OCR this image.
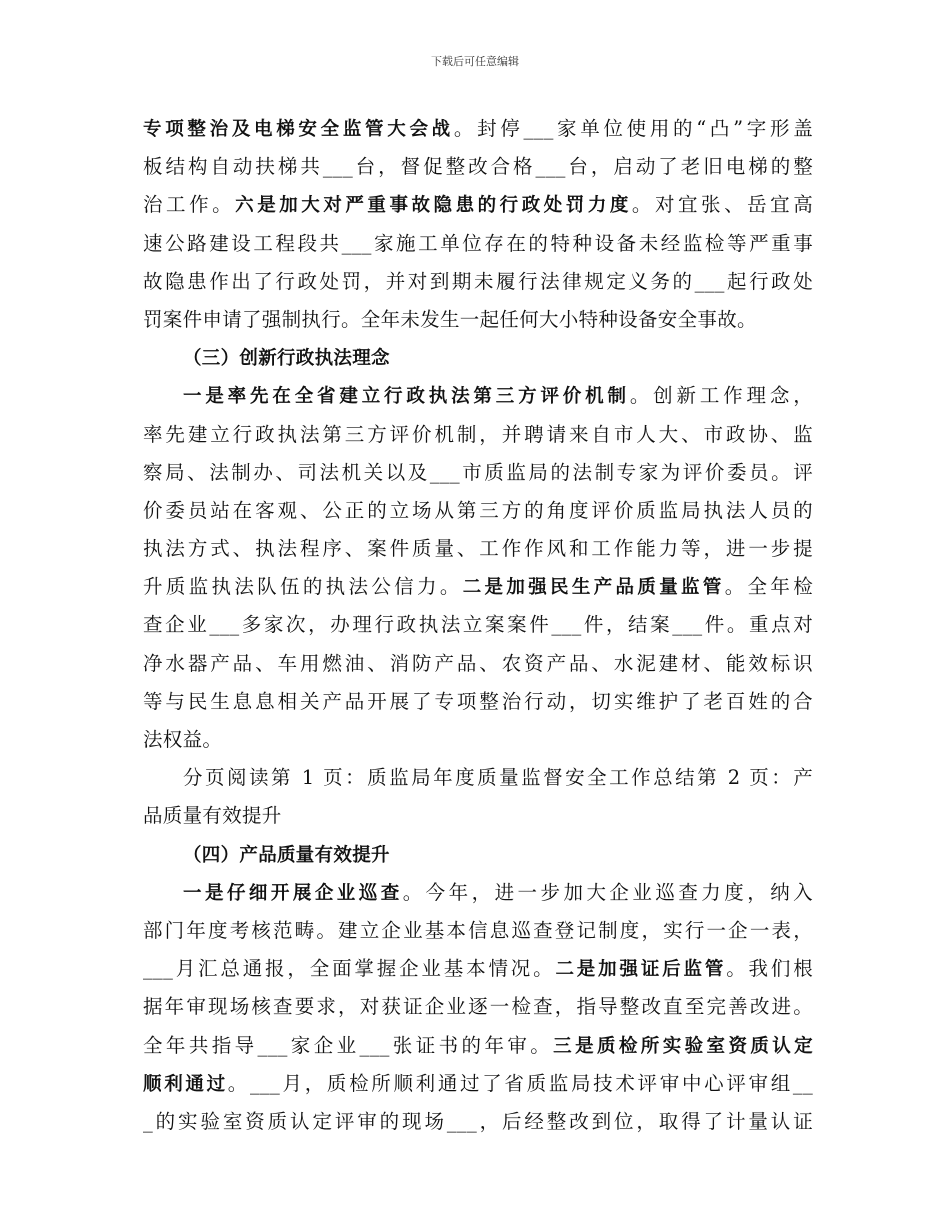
下载后可任意编辑
专项整治及电梯安全监管大会战。封停___家单位使用的“凸”字形盖
板结构自动扶梯共___台，督促整改合格___台，启动了老旧电梯的整
治工作。六是加大对严重事故隐患的行政处罚力度。对宜张、岳宜高
速公路建设工程段共___家施工单位存在的特种设备未经监检等严重事
故隐患作出了行政处罚，并对到期未履行法律规定义务的___起行政处
罚案件申请了强制执行。全年未发生一起任何大小特种设备安全事故。
（三）创新行政执法理念
一是率先在全省建立行政执法第三方评价机制。创新工作理念，
率先建立行政执法第三方评价机制，并聘请来自市人大、市政协、监
察局、法制办、司法机关以及___市质监局的法制专家为评价委员。评
价委员站在客观、公正的立场从第三方的角度评价质监局执法人员的
执法方式、执法程序、案件质量、工作作风和工作能力等，进一步提
升质监执法队伍的执法公信力。二是加强民生产品质量监管。全年检
查企业___多家次，办理行政执法立案案件___件，结案___件。重点对
净水器产品、车用燃油、消防产品、农资产品、水泥建材、能效标识
等与民生息息相关产品开展了专项整治行动，切实维护了老百姓的合
法权益。
分页阅读第 1 页：质监局年度质量监督安全工作总结第 2 页：产
品质量有效提升
（四）产品质量有效提升
一是仔细开展企业巡查。今年，进一步加大企业巡查力度，纳入
部门年度考核范畴。建立企业基本信息巡查登记制度，实行一企一表，
___月汇总通报，全面掌握企业基本情况。二是加强证后监管。我们根
据年审现场核查要求，对获证企业逐一检查，指导整改直至完善改进。
全年共指导___家企业___张证书的年审。三是质检所实验室资质认定
顺利通过。___月，质检所顺利通过了省质监局技术评审中心评审组__
_的实验室资质认定评审的现场___，后经整改到位，取得了计量认证
